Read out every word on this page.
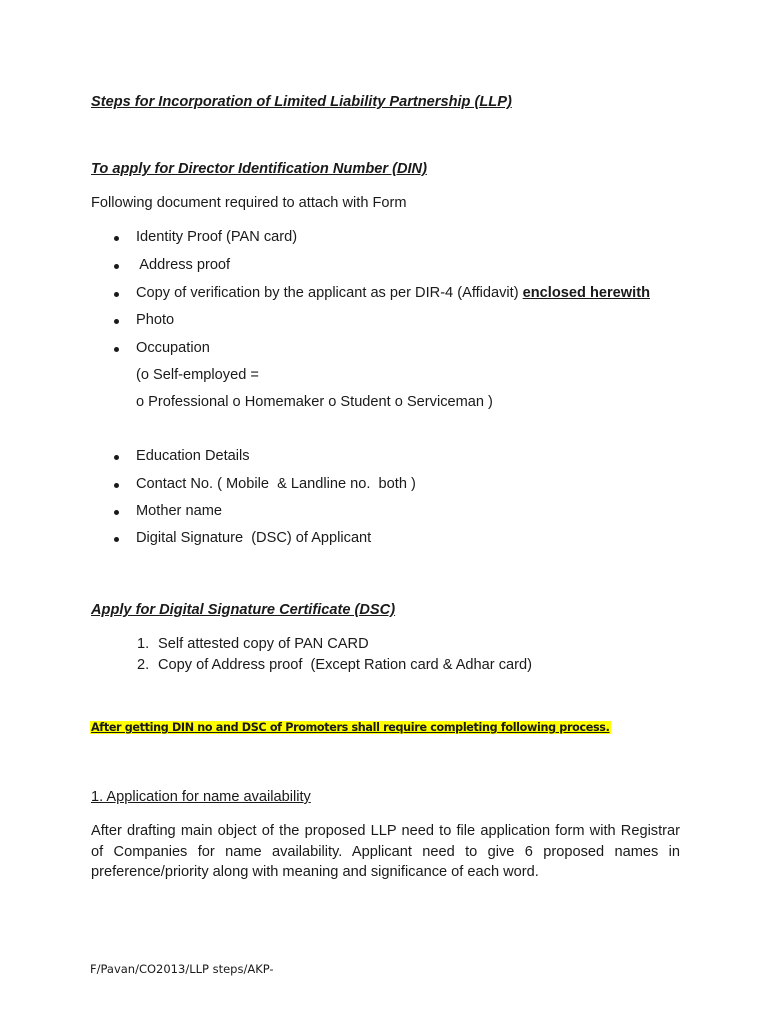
Steps for Incorporation of Limited Liability Partnership (LLP)
To apply for Director Identification Number (DIN)
Following document required to attach with Form
Identity Proof (PAN card)
Address proof
Copy of verification by the applicant as per DIR-4 (Affidavit) enclosed herewith
Photo
Occupation
(o Self-employed =
o Professional o Homemaker o Student o Serviceman )
Education Details
Contact No. ( Mobile  & Landline no.  both )
Mother name
Digital Signature  (DSC) of Applicant
Apply for Digital Signature Certificate (DSC)
1. Self attested copy of PAN CARD
2. Copy of Address proof  (Except Ration card & Adhar card)
After getting DIN no and DSC of Promoters shall require completing following process.
1. Application for name availability
After drafting main object of the proposed LLP need to file application form with Registrar of Companies for name availability. Applicant need to give 6 proposed names in preference/priority along with meaning and significance of each word.
F/Pavan/CO2013/LLP steps/AKP-
